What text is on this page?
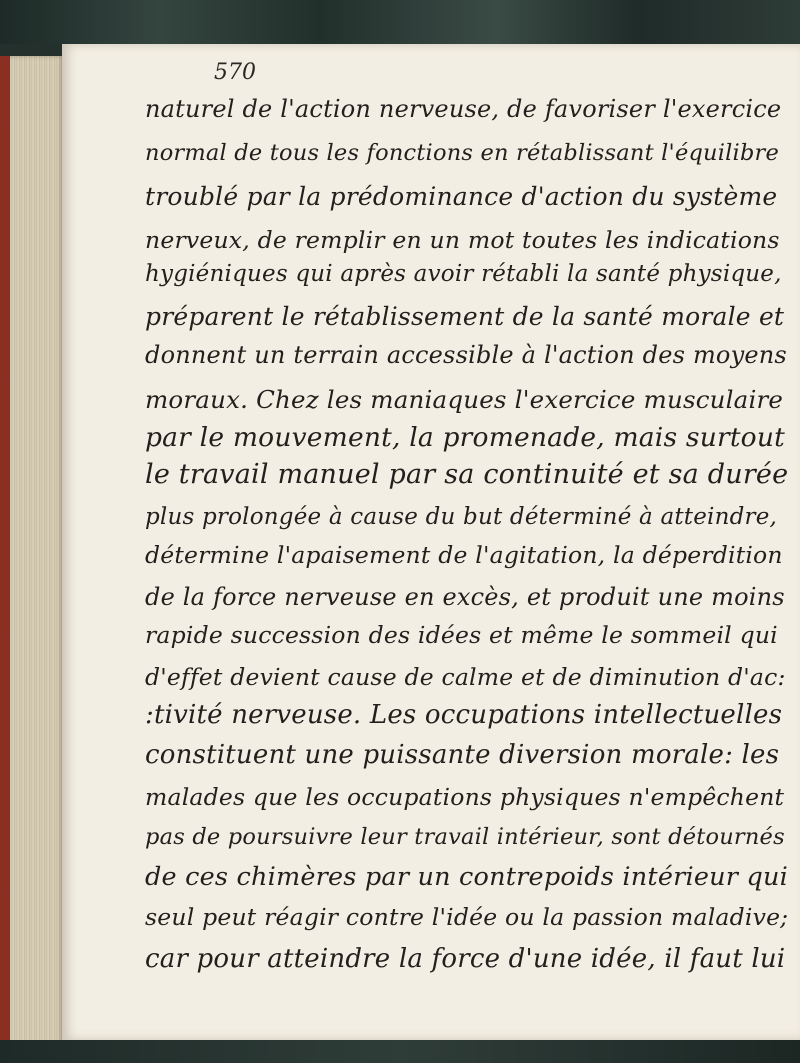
570
naturel de l'action nerveuse, de favoriser l'exercice
normal de tous les fonctions en rétablissant l'équilibre
troublé par la prédominance d'action du système
nerveux, de remplir en un mot toutes les indications
hygiéniques qui après avoir rétabli la santé physique,
préparent le rétablissement de la santé morale et
donnent un terrain accessible à l'action des moyens
moraux. Chez les maniaques l'exercice musculaire
par le mouvement, la promenade, mais surtout
le travail manuel par sa continuité et sa durée
plus prolongée à cause du but déterminé à atteindre,
détermine l'apaisement de l'agitation, la déperdition
de la force nerveuse en excès, et produit une moins
rapide succession des idées et même le sommeil qui
d'effet devient cause de calme et de diminution d'ac:
:tivité nerveuse. Les occupations intellectuelles
constituent une puissante diversion morale: les
malades que les occupations physiques n'empêchent
pas de poursuivre leur travail intérieur, sont détournés
de ces chimères par un contrepoids intérieur qui
seul peut réagir contre l'idée ou la passion maladive;
car pour atteindre la force d'une idée, il faut lui
